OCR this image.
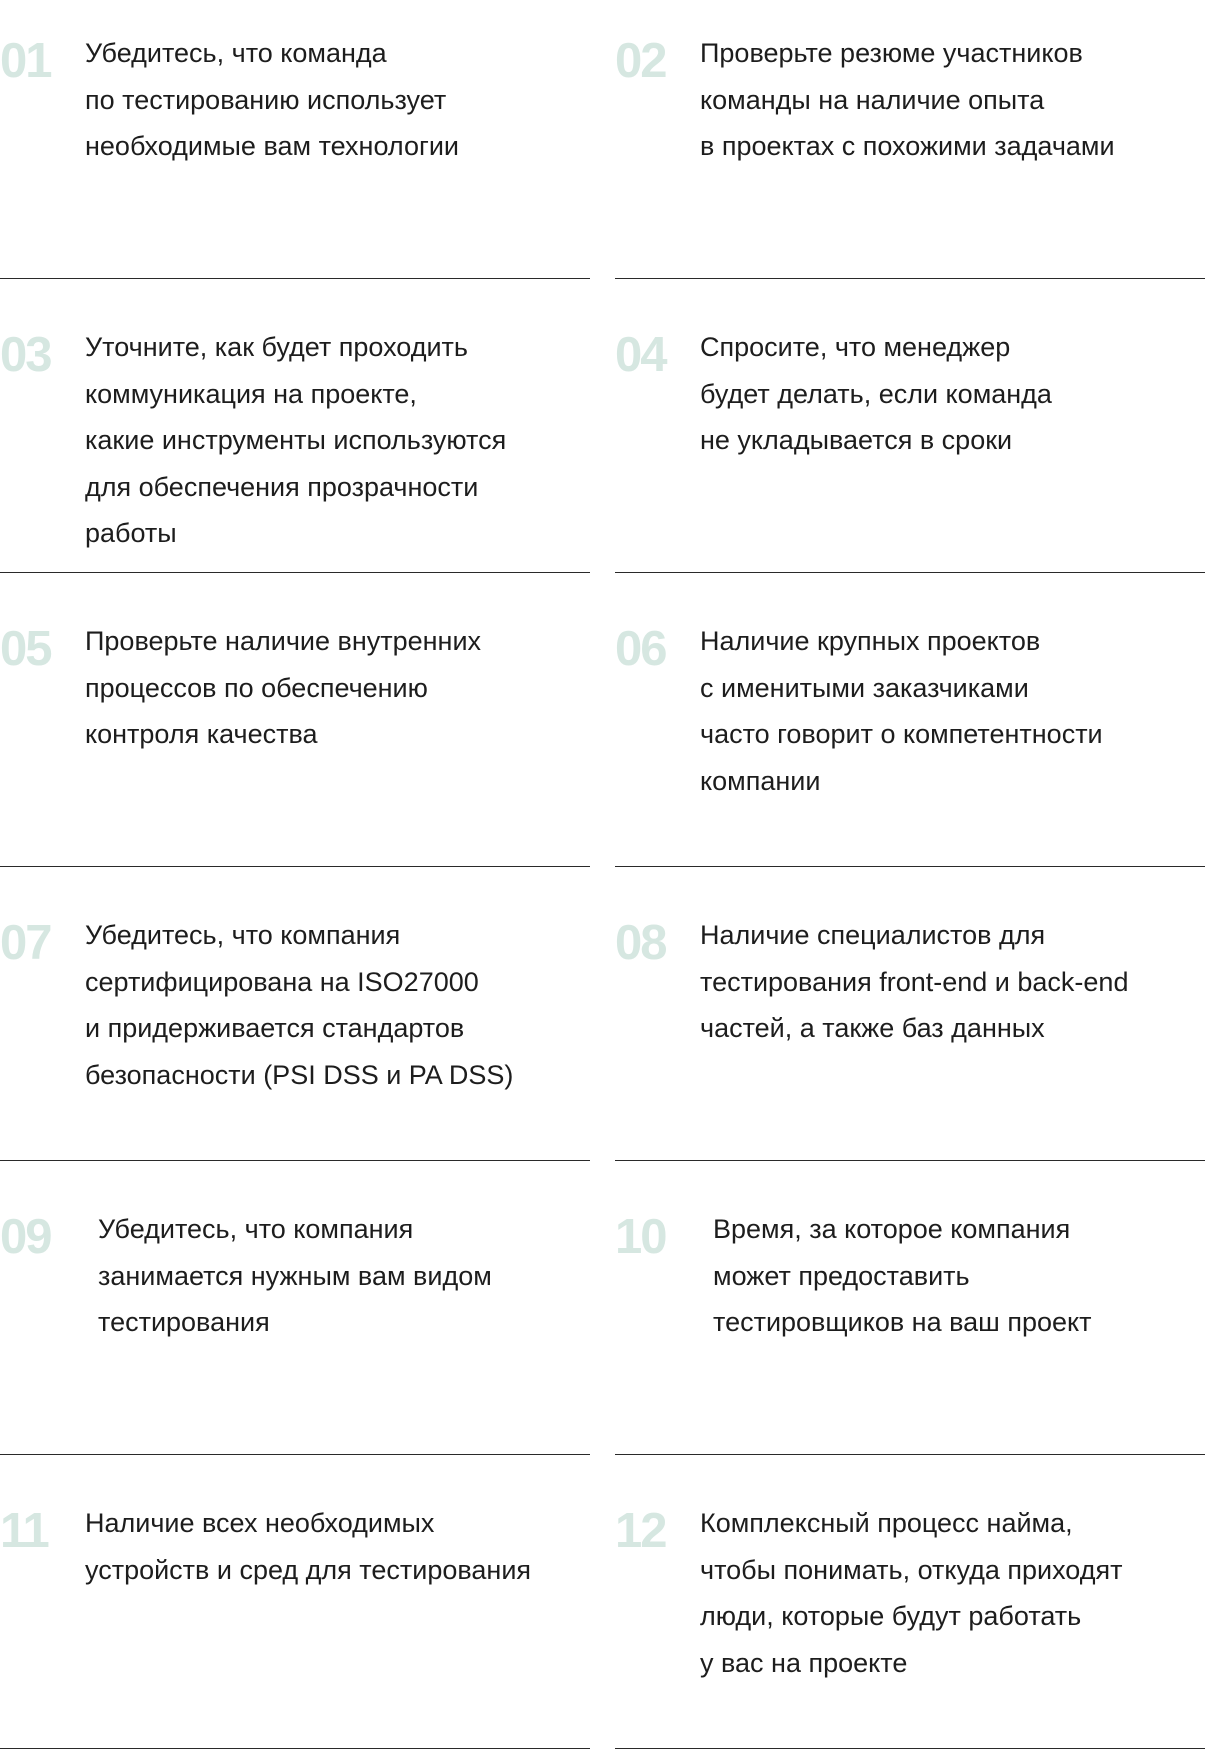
01 Убедитесь, что команда
по тестированию использует
необходимые вам технологии
02 Проверьте резюме участников
команды на наличие опыта
в проектах с похожими задачами
03 Уточните, как будет проходить
коммуникация на проекте,
какие инструменты используются
для обеспечения прозрачности
работы
04 Спросите, что менеджер
будет делать, если команда
не укладывается в сроки
05 Проверьте наличие внутренних
процессов по обеспечению
контроля качества
06 Наличие крупных проектов
с именитыми заказчиками
часто говорит о компетентности
компании
07 Убедитесь, что компания
сертифицирована на ISO27000
и придерживается стандартов
безопасности (PSI DSS и PA DSS)
08 Наличие специалистов для
тестирования front-end и back-end
частей, а также баз данных
09 Убедитесь, что компания
занимается нужным вам видом
тестирования
10 Время, за которое компания
может предоставить
тестировщиков на ваш проект
11 Наличие всех необходимых
устройств и сред для тестирования
12 Комплексный процесс найма,
чтобы понимать, откуда приходят
люди, которые будут работать
у вас на проекте
